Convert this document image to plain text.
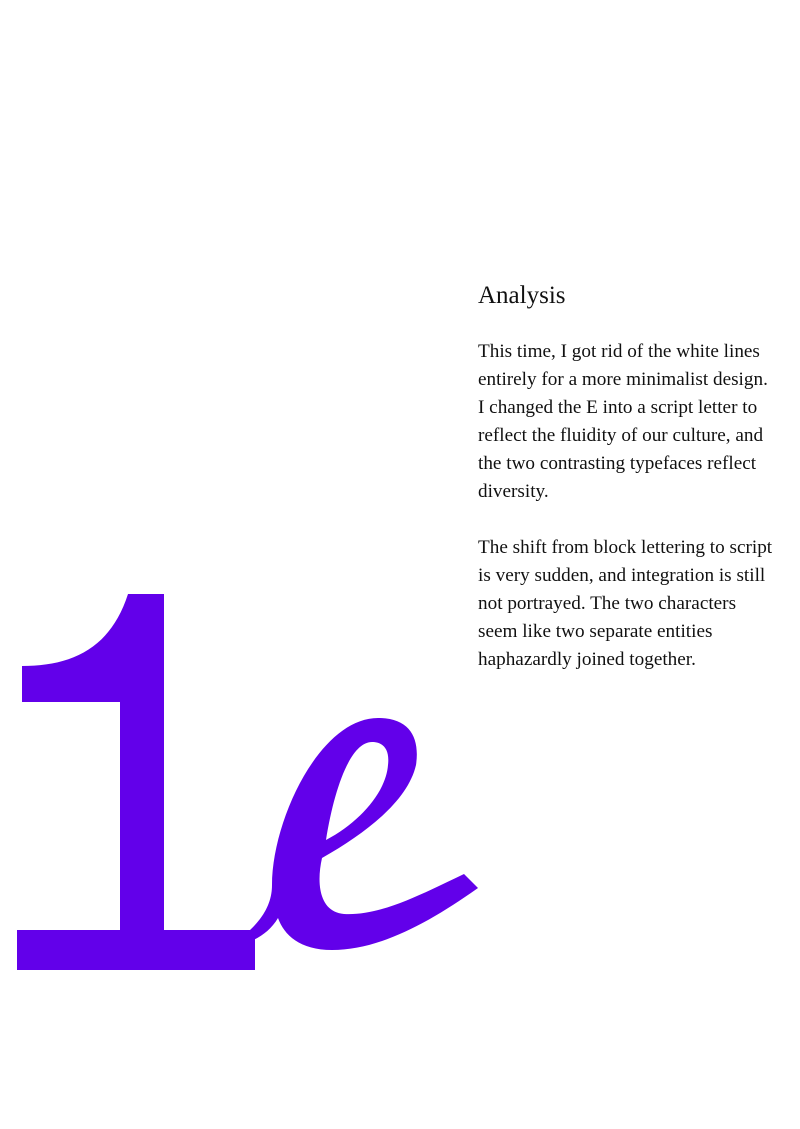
Analysis

This time, I got rid of the white lines entirely for a more minimalist design. I changed the E into a script letter to reflect the fluidity of our culture, and the two contrasting typefaces reflect diversity.

The shift from block lettering to script is very sudden, and integration is still not portrayed. The two characters seem like two separate entities haphazardly joined together.
